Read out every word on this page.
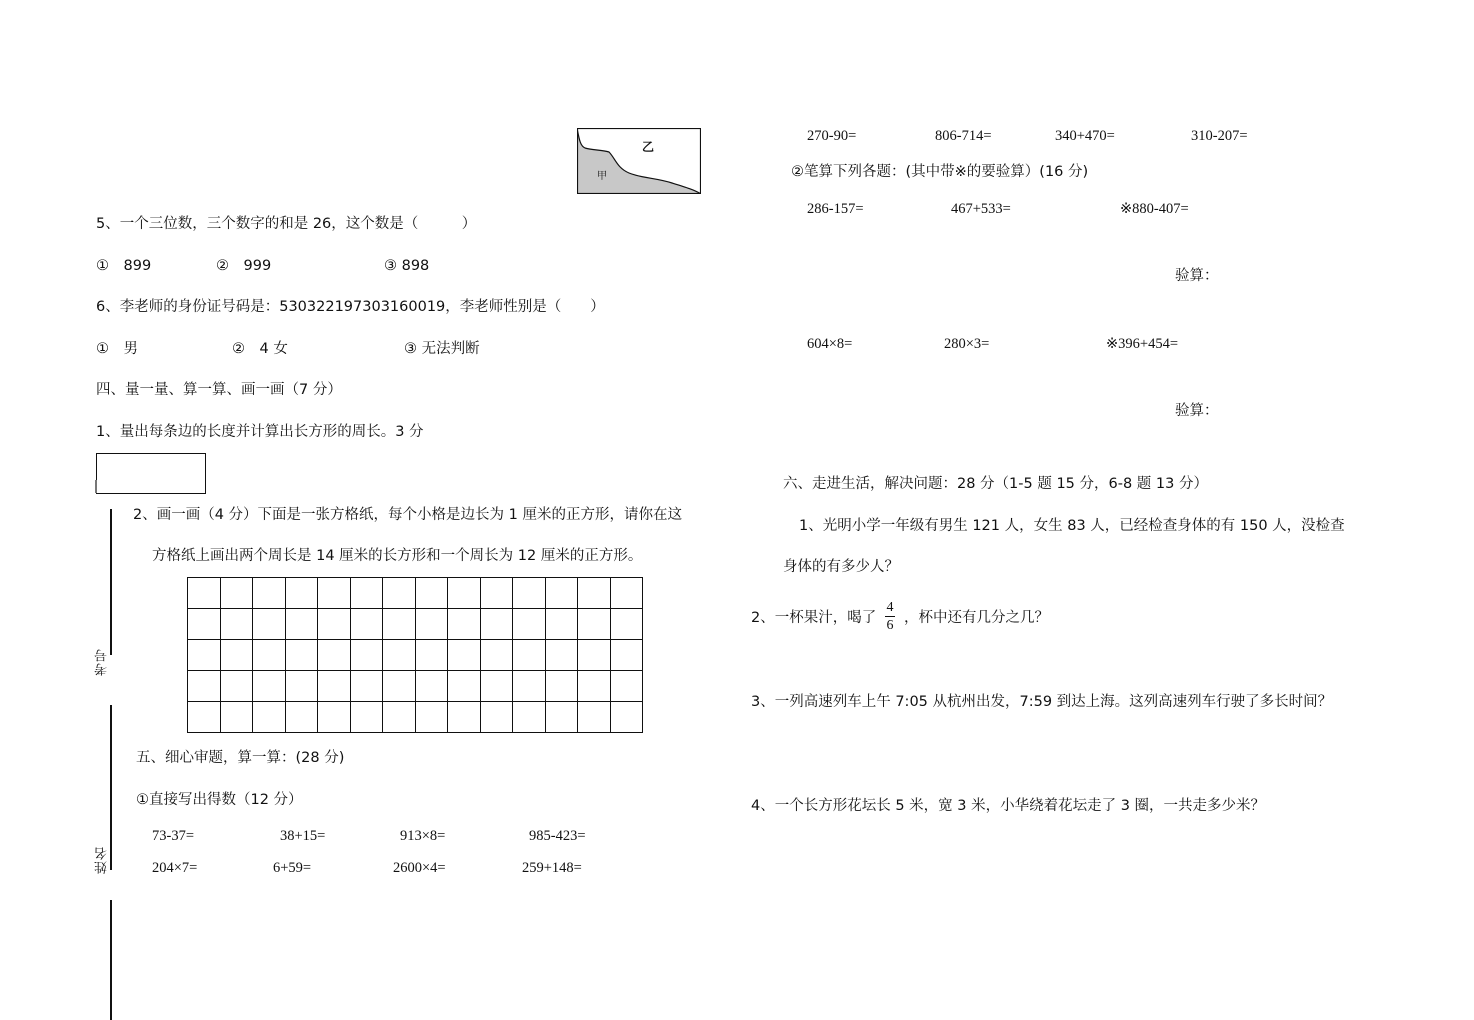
甲
乙
5、一个三位数，三个数字的和是 26，这个数是（　　　）
①　899	②　999	③ 898
6、李老师的身份证号码是：530322197303160019，李老师性别是（　　）
①　男	②　4 女	③ 无法判断
四、量一量、算一算、画一画（7 分）
1、量出每条边的长度并计算出长方形的周长。3 分
2、画一画（4 分）下面是一张方格纸，每个小格是边长为 1 厘米的正方形，请你在这
方格纸上画出两个周长是 14 厘米的长方形和一个周长为 12 厘米的正方形。

考号
姓名
五、细心审题，算一算：(28 分)
①直接写出得数（12 分）
73-37=	38+15=	913×8=	985-423=
204×7=	6+59=	2600×4=	259+148=
270-90=	806-714=	340+470=	310-207=
②笔算下列各题：(其中带※的要验算）(16 分)
286-157=	467+533=	※880-407=
验算：
604×8=	280×3=	※396+454=
验算：
六、走进生活，解决问题：28 分（1-5 题 15 分，6-8 题 13 分）
1、光明小学一年级有男生 121 人，女生 83 人，已经检查身体的有 150 人，没检查
身体的有多少人？
2、一杯果汁，喝了
4
6 ，杯中还有几分之几？
3、一列高速列车上午 7:05 从杭州出发，7:59 到达上海。这列高速列车行驶了多长时间？
4、一个长方形花坛长 5 米，宽 3 米，小华绕着花坛走了 3 圈，一共走多少米？
